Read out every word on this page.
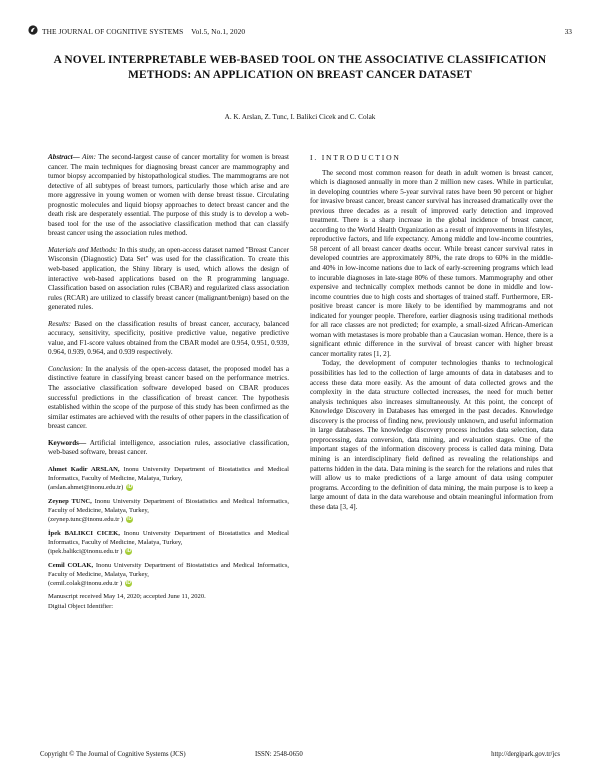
THE JOURNAL OF COGNITIVE SYSTEMS Vol.5, No.1, 2020	33
A NOVEL INTERPRETABLE WEB-BASED TOOL ON THE ASSOCIATIVE CLASSIFICATION METHODS: AN APPLICATION ON BREAST CANCER DATASET
A. K. Arslan, Z. Tunc, I. Balikci Cicek and C. Colak

Abstract— Aim: The second-largest cause of cancer mortality for women is breast cancer. The main techniques for diagnosing breast cancer are mammography and tumor biopsy accompanied by histopathological studies. The mammograms are not detective of all subtypes of breast tumors, particularly those which arise and are more aggressive in young women or women with dense breast tissue. Circulating prognostic molecules and liquid biopsy approaches to detect breast cancer and the death risk are desperately essential. The purpose of this study is to develop a web-based tool for the use of the associative classification method that can classify breast cancer using the association rules method.

Materials and Methods: In this study, an open-access dataset named "Breast Cancer Wisconsin (Diagnostic) Data Set" was used for the classification. To create this web-based application, the Shiny library is used, which allows the design of interactive web-based applications based on the R programming language. Classification based on association rules (CBAR) and regularized class association rules (RCAR) are utilized to classify breast cancer (malignant/benign) based on the generated rules.

Results: Based on the classification results of breast cancer, accuracy, balanced accuracy, sensitivity, specificity, positive predictive value, negative predictive value, and F1-score values obtained from the CBAR model are 0.954, 0.951, 0.939, 0.964, 0.939, 0.964, and 0.939 respectively.

Conclusion: In the analysis of the open-access dataset, the proposed model has a distinctive feature in classifying breast cancer based on the performance metrics. The associative classification software developed based on CBAR produces successful predictions in the classification of breast cancer. The hypothesis established within the scope of the purpose of this study has been confirmed as the similar estimates are achieved with the results of other papers in the classification of breast cancer.

Keywords— Artificial intelligence, association rules, associative classification, web-based software, breast cancer.

Ahmet Kadir ARSLAN, Inonu University Department of Biostatistics and Medical Informatics, Faculty of Medicine, Malatya, Turkey,
(arslan.ahmet@inonu.edu.tr) iD

Zeynep TUNC, Inonu University Department of Biostatistics and Medical Informatics, Faculty of Medicine, Malatya, Turkey,
(zeynep.tunc@inonu.edu.tr ) iD

İpek BALIKCI CICEK, Inonu University Department of Biostatistics and Medical Informatics, Faculty of Medicine, Malatya, Turkey,
(ipek.balikci@inonu.edu.tr ) iD

Cemil COLAK, Inonu University Department of Biostatistics and Medical Informatics, Faculty of Medicine, Malatya, Turkey,
(cemil.colak@inonu.edu.tr ) iD

Manuscript received May 14, 2020; accepted June 11, 2020.

Digital Object Identifier:

I. INTRODUCTION

The second most common reason for death in adult women is breast cancer, which is diagnosed annually in more than 2 million new cases. While in particular, in developing countries where 5-year survival rates have been 90 percent or higher for invasive breast cancer, breast cancer survival has increased dramatically over the previous three decades as a result of improved early detection and improved treatment. There is a sharp increase in the global incidence of breast cancer, according to the World Health Organization as a result of improvements in lifestyles, reproductive factors, and life expectancy. Among middle and low-income countries, 58 percent of all breast cancer deaths occur. While breast cancer survival rates in developed countries are approximately 80%, the rate drops to 60% in the middle- and 40% in low-income nations due to lack of early-screening programs which lead to incurable diagnoses in late-stage 80% of these tumors. Mammography and other expensive and technically complex methods cannot be done in middle and low-income countries due to high costs and shortages of trained staff. Furthermore, ER-positive breast cancer is more likely to be identified by mammograms and not indicated for younger people. Therefore, earlier diagnosis using traditional methods for all race classes are not predicted; for example, a small-sized African-American woman with metastases is more probable than a Caucasian woman. Hence, there is a significant ethnic difference in the survival of breast cancer with higher breast cancer mortality rates [1, 2].

Today, the development of computer technologies thanks to technological possibilities has led to the collection of large amounts of data in databases and to access these data more easily. As the amount of data collected grows and the complexity in the data structure collected increases, the need for much better analysis techniques also increases simultaneously. At this point, the concept of Knowledge Discovery in Databases has emerged in the past decades. Knowledge discovery is the process of finding new, previously unknown, and useful information in large databases. The knowledge discovery process includes data selection, data preprocessing, data conversion, data mining, and evaluation stages. One of the important stages of the information discovery process is called data mining. Data mining is an interdisciplinary field defined as revealing the relationships and patterns hidden in the data. Data mining is the search for the relations and rules that will allow us to make predictions of a large amount of data using computer programs. According to the definition of data mining, the main purpose is to keep a large amount of data in the data warehouse and obtain meaningful information from these data [3, 4].

Copyright © The Journal of Cognitive Systems (JCS)	ISSN: 2548-0650	http://dergipark.gov.tr/jcs
